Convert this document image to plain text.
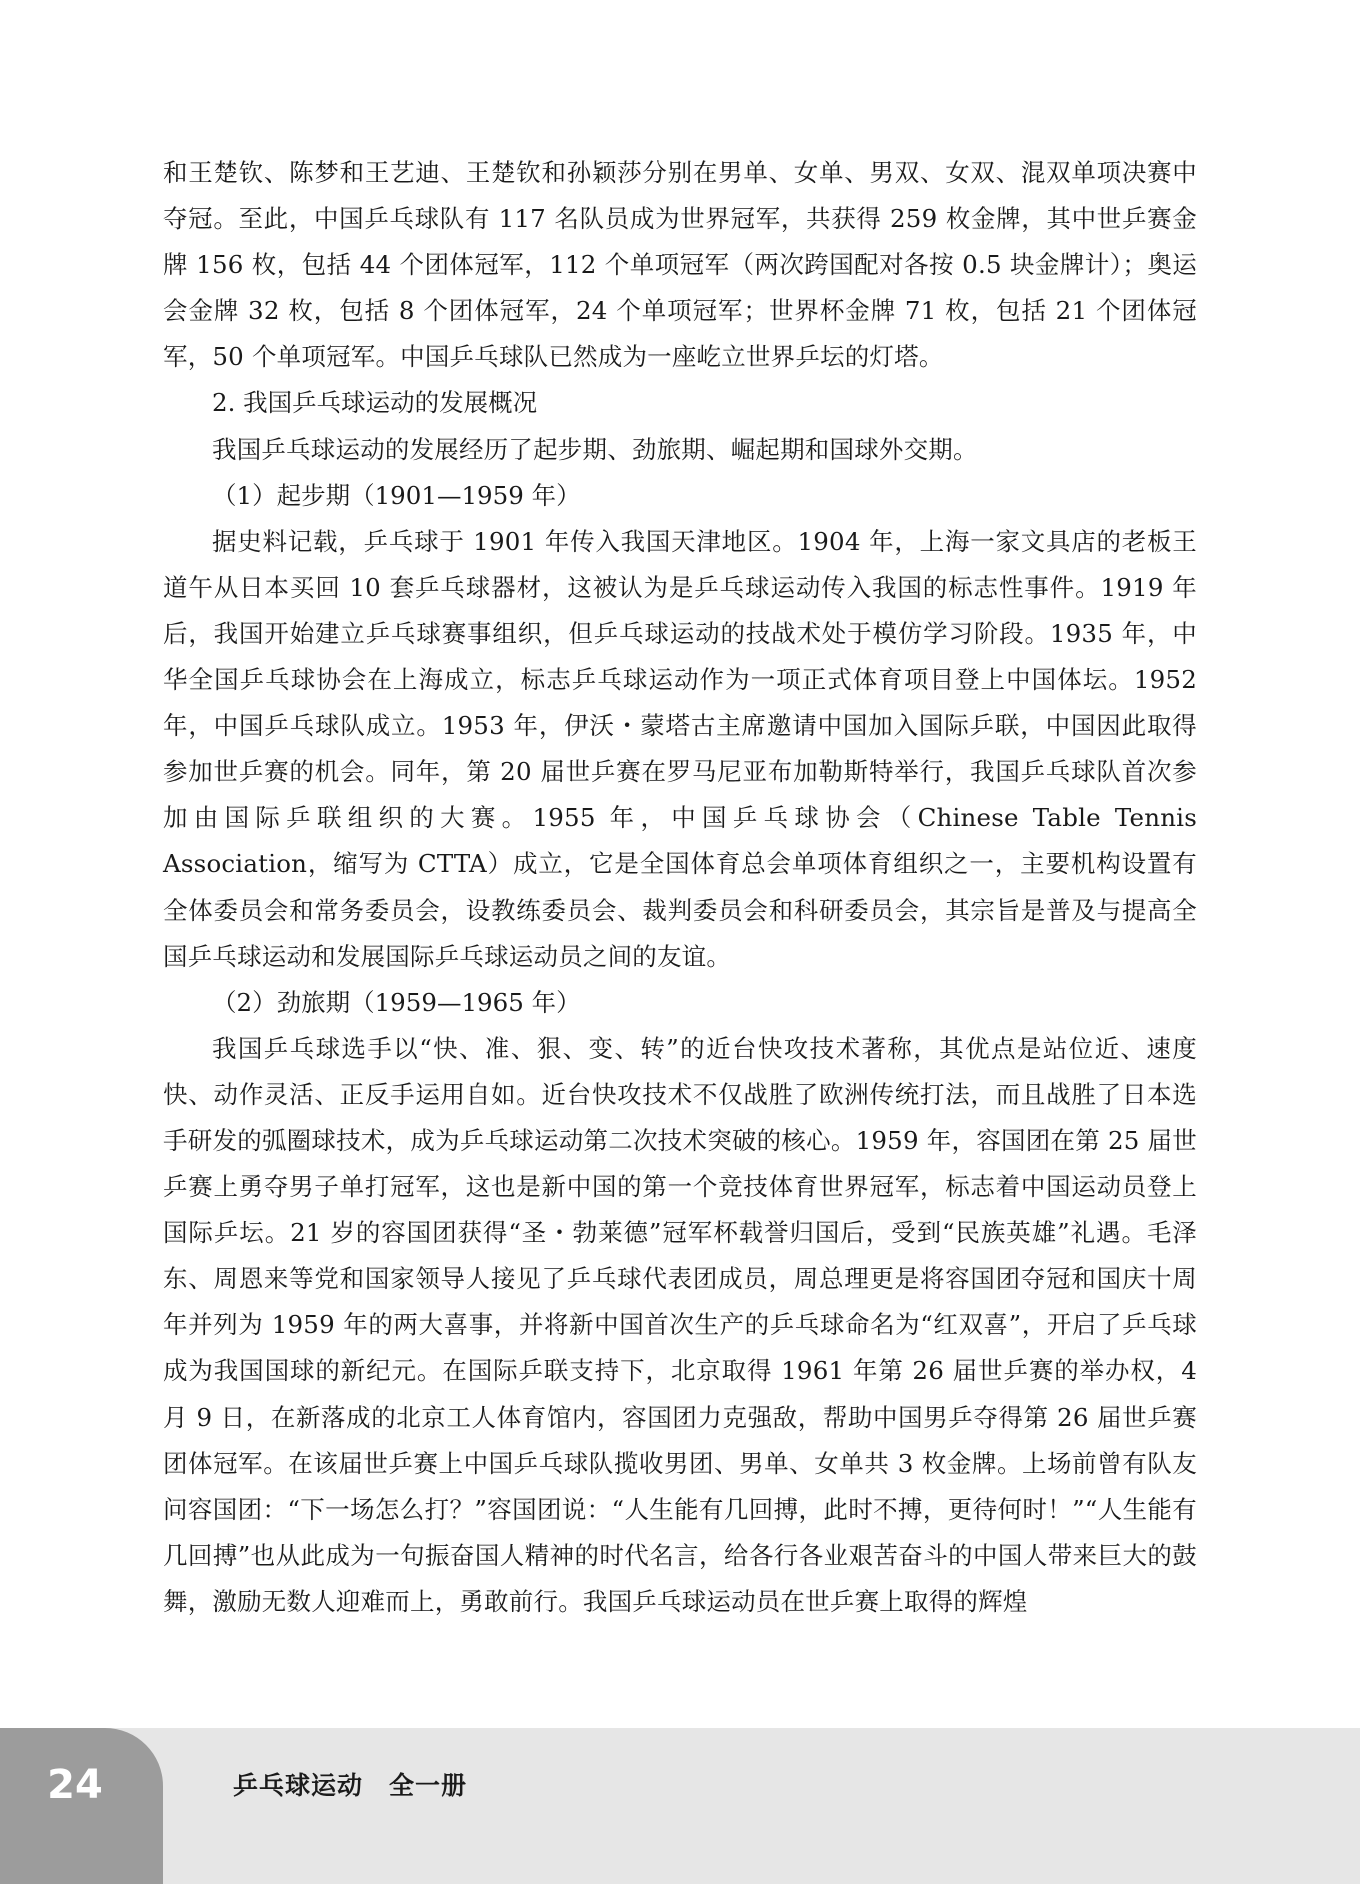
和王楚钦、陈梦和王艺迪、王楚钦和孙颖莎分别在男单、女单、男双、女双、混双单项决赛中夺冠。至此，中国乒乓球队有 117 名队员成为世界冠军，共获得 259 枚金牌，其中世乒赛金牌 156 枚，包括 44 个团体冠军，112 个单项冠军（两次跨国配对各按 0.5 块金牌计）；奥运会金牌 32 枚，包括 8 个团体冠军，24 个单项冠军；世界杯金牌 71 枚，包括 21 个团体冠军，50 个单项冠军。中国乒乓球队已然成为一座屹立世界乒坛的灯塔。

2. 我国乒乓球运动的发展概况

我国乒乓球运动的发展经历了起步期、劲旅期、崛起期和国球外交期。

（1）起步期（1901—1959 年）

据史料记载，乒乓球于 1901 年传入我国天津地区。1904 年，上海一家文具店的老板王道午从日本买回 10 套乒乓球器材，这被认为是乒乓球运动传入我国的标志性事件。1919 年后，我国开始建立乒乓球赛事组织，但乒乓球运动的技战术处于模仿学习阶段。1935 年，中华全国乒乓球协会在上海成立，标志乒乓球运动作为一项正式体育项目登上中国体坛。1952 年，中国乒乓球队成立。1953 年，伊沃・蒙塔古主席邀请中国加入国际乒联，中国因此取得参加世乒赛的机会。同年，第 20 届世乒赛在罗马尼亚布加勒斯特举行，我国乒乓球队首次参加由国际乒联组织的大赛。1955 年，中国乒乓球协会（Chinese Table Tennis Association，缩写为 CTTA）成立，它是全国体育总会单项体育组织之一，主要机构设置有全体委员会和常务委员会，设教练委员会、裁判委员会和科研委员会，其宗旨是普及与提高全国乒乓球运动和发展国际乒乓球运动员之间的友谊。

（2）劲旅期（1959—1965 年）

我国乒乓球选手以“快、准、狠、变、转”的近台快攻技术著称，其优点是站位近、速度快、动作灵活、正反手运用自如。近台快攻技术不仅战胜了欧洲传统打法，而且战胜了日本选手研发的弧圈球技术，成为乒乓球运动第二次技术突破的核心。1959 年，容国团在第 25 届世乒赛上勇夺男子单打冠军，这也是新中国的第一个竞技体育世界冠军，标志着中国运动员登上国际乒坛。21 岁的容国团获得“圣・勃莱德”冠军杯载誉归国后，受到“民族英雄”礼遇。毛泽东、周恩来等党和国家领导人接见了乒乓球代表团成员，周总理更是将容国团夺冠和国庆十周年并列为 1959 年的两大喜事，并将新中国首次生产的乒乓球命名为“红双喜”，开启了乒乓球成为我国国球的新纪元。在国际乒联支持下，北京取得 1961 年第 26 届世乒赛的举办权，4 月 9 日，在新落成的北京工人体育馆内，容国团力克强敌，帮助中国男乒夺得第 26 届世乒赛团体冠军。在该届世乒赛上中国乒乓球队揽收男团、男单、女单共 3 枚金牌。上场前曾有队友问容国团：“下一场怎么打？”容国团说：“人生能有几回搏，此时不搏，更待何时！”“人生能有几回搏”也从此成为一句振奋国人精神的时代名言，给各行各业艰苦奋斗的中国人带来巨大的鼓舞，激励无数人迎难而上，勇敢前行。我国乒乓球运动员在世乒赛上取得的辉煌

24	乒乓球运动　全一册
